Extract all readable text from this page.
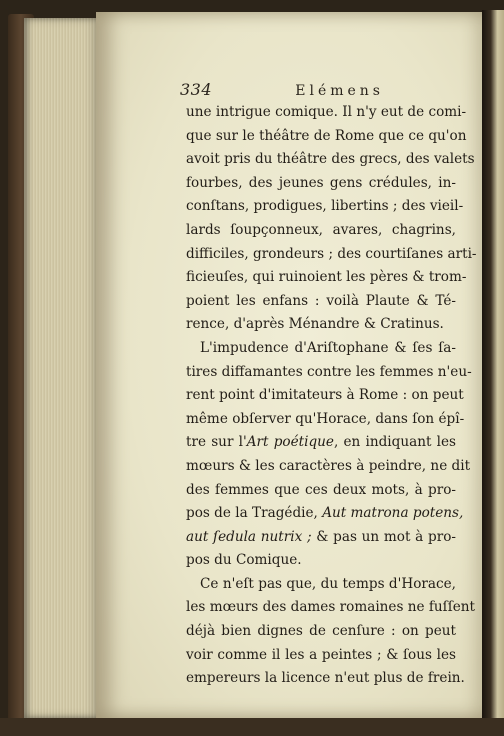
334	Elémens
une intrigue comique. Il n'y eut de comi-
que sur le théâtre de Rome que ce qu'on
avoit pris du théâtre des grecs, des valets
fourbes, des jeunes gens crédules, in-
conſtans, prodigues, libertins ; des vieil-
lards ſoupçonneux, avares, chagrins,
difficiles, grondeurs ; des courtiſanes arti-
ficieuſes, qui ruinoient les pères & trom-
poient les enfans : voilà Plaute & Té-
rence, d'après Ménandre & Cratinus.
L'impudence d'Ariſtophane & ſes ſa-
tires diffamantes contre les femmes n'eu-
rent point d'imitateurs à Rome : on peut
même obſerver qu'Horace, dans ſon épî-
tre sur l'Art poétique, en indiquant les
mœurs & les caractères à peindre, ne dit
des femmes que ces deux mots, à pro-
pos de la Tragédie, Aut matrona potens,
aut ſedula nutrix ; & pas un mot à pro-
pos du Comique.
Ce n'eſt pas que, du temps d'Horace,
les mœurs des dames romaines ne fuſſent
déjà bien dignes de cenſure : on peut
voir comme il les a peintes ; & ſous les
empereurs la licence n'eut plus de frein.
